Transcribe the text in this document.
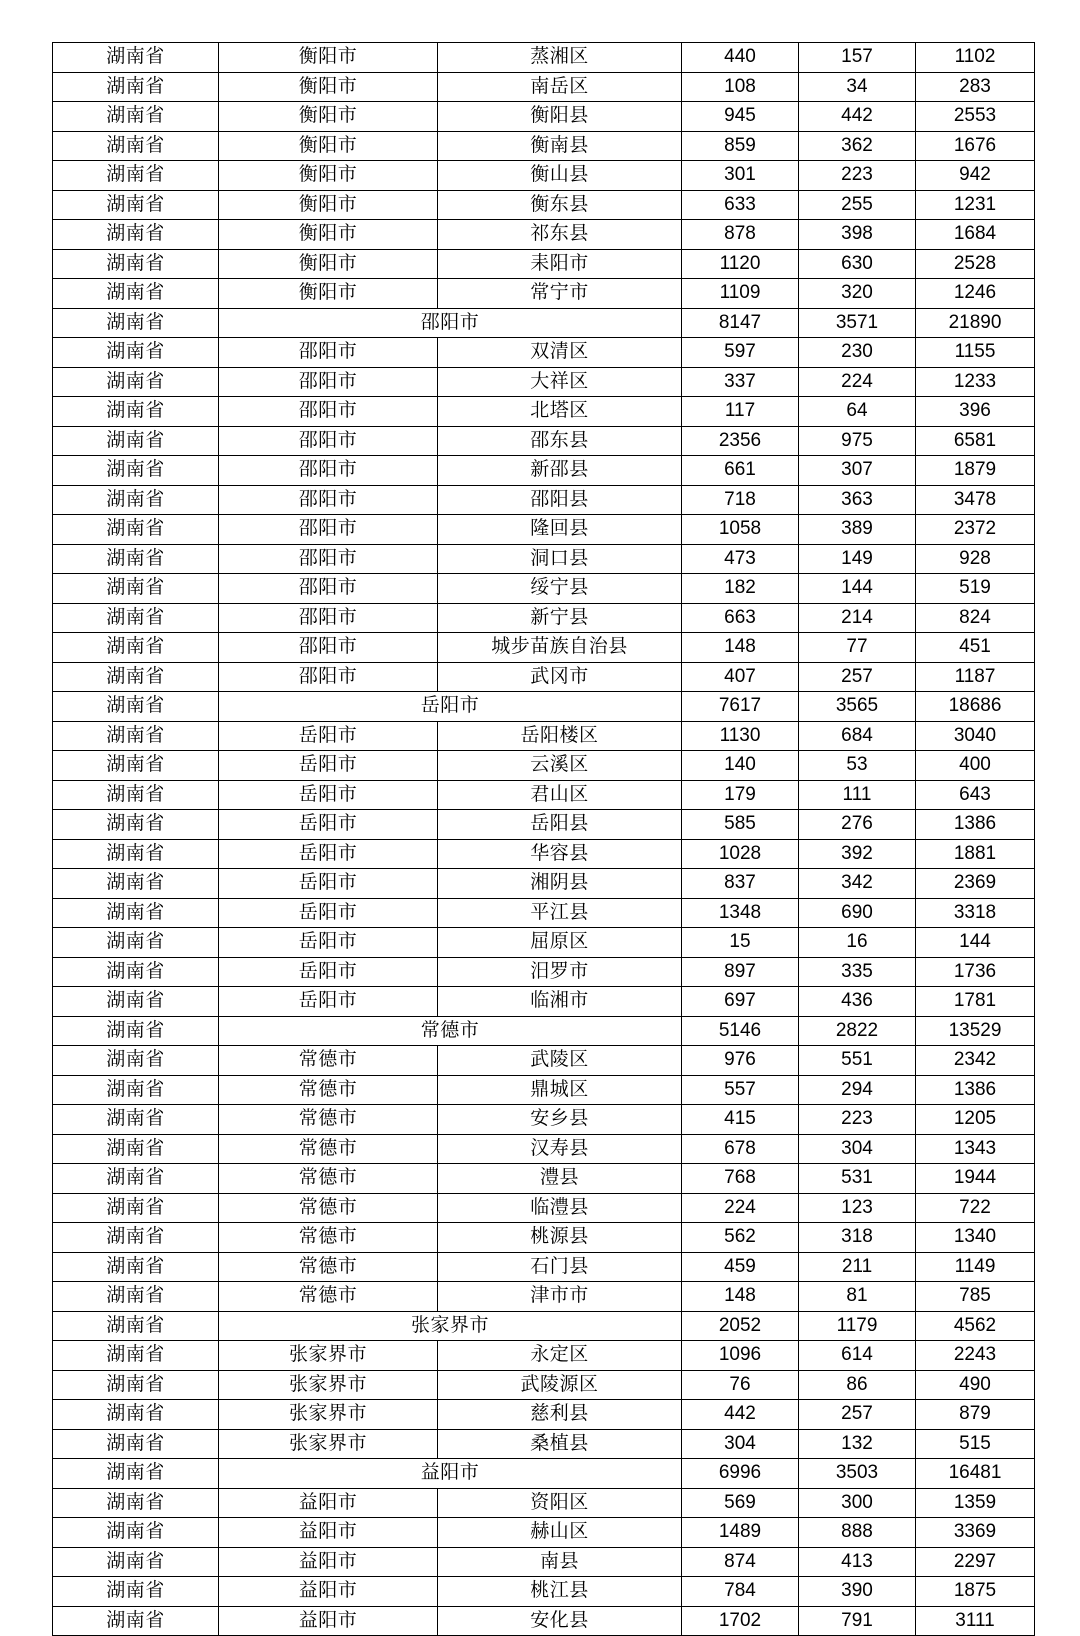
湖南省	衡阳市	蒸湘区	440	157	1102
湖南省	衡阳市	南岳区	108	34	283
湖南省	衡阳市	衡阳县	945	442	2553
湖南省	衡阳市	衡南县	859	362	1676
湖南省	衡阳市	衡山县	301	223	942
湖南省	衡阳市	衡东县	633	255	1231
湖南省	衡阳市	祁东县	878	398	1684
湖南省	衡阳市	耒阳市	1120	630	2528
湖南省	衡阳市	常宁市	1109	320	1246
湖南省	邵阳市		8147	3571	21890
湖南省	邵阳市	双清区	597	230	1155
湖南省	邵阳市	大祥区	337	224	1233
湖南省	邵阳市	北塔区	117	64	396
湖南省	邵阳市	邵东县	2356	975	6581
湖南省	邵阳市	新邵县	661	307	1879
湖南省	邵阳市	邵阳县	718	363	3478
湖南省	邵阳市	隆回县	1058	389	2372
湖南省	邵阳市	洞口县	473	149	928
湖南省	邵阳市	绥宁县	182	144	519
湖南省	邵阳市	新宁县	663	214	824
湖南省	邵阳市	城步苗族自治县	148	77	451
湖南省	邵阳市	武冈市	407	257	1187
湖南省	岳阳市		7617	3565	18686
湖南省	岳阳市	岳阳楼区	1130	684	3040
湖南省	岳阳市	云溪区	140	53	400
湖南省	岳阳市	君山区	179	111	643
湖南省	岳阳市	岳阳县	585	276	1386
湖南省	岳阳市	华容县	1028	392	1881
湖南省	岳阳市	湘阴县	837	342	2369
湖南省	岳阳市	平江县	1348	690	3318
湖南省	岳阳市	屈原区	15	16	144
湖南省	岳阳市	汨罗市	897	335	1736
湖南省	岳阳市	临湘市	697	436	1781
湖南省	常德市		5146	2822	13529
湖南省	常德市	武陵区	976	551	2342
湖南省	常德市	鼎城区	557	294	1386
湖南省	常德市	安乡县	415	223	1205
湖南省	常德市	汉寿县	678	304	1343
湖南省	常德市	澧县	768	531	1944
湖南省	常德市	临澧县	224	123	722
湖南省	常德市	桃源县	562	318	1340
湖南省	常德市	石门县	459	211	1149
湖南省	常德市	津市市	148	81	785
湖南省	张家界市		2052	1179	4562
湖南省	张家界市	永定区	1096	614	2243
湖南省	张家界市	武陵源区	76	86	490
湖南省	张家界市	慈利县	442	257	879
湖南省	张家界市	桑植县	304	132	515
湖南省	益阳市		6996	3503	16481
湖南省	益阳市	资阳区	569	300	1359
湖南省	益阳市	赫山区	1489	888	3369
湖南省	益阳市	南县	874	413	2297
湖南省	益阳市	桃江县	784	390	1875
湖南省	益阳市	安化县	1702	791	3111
